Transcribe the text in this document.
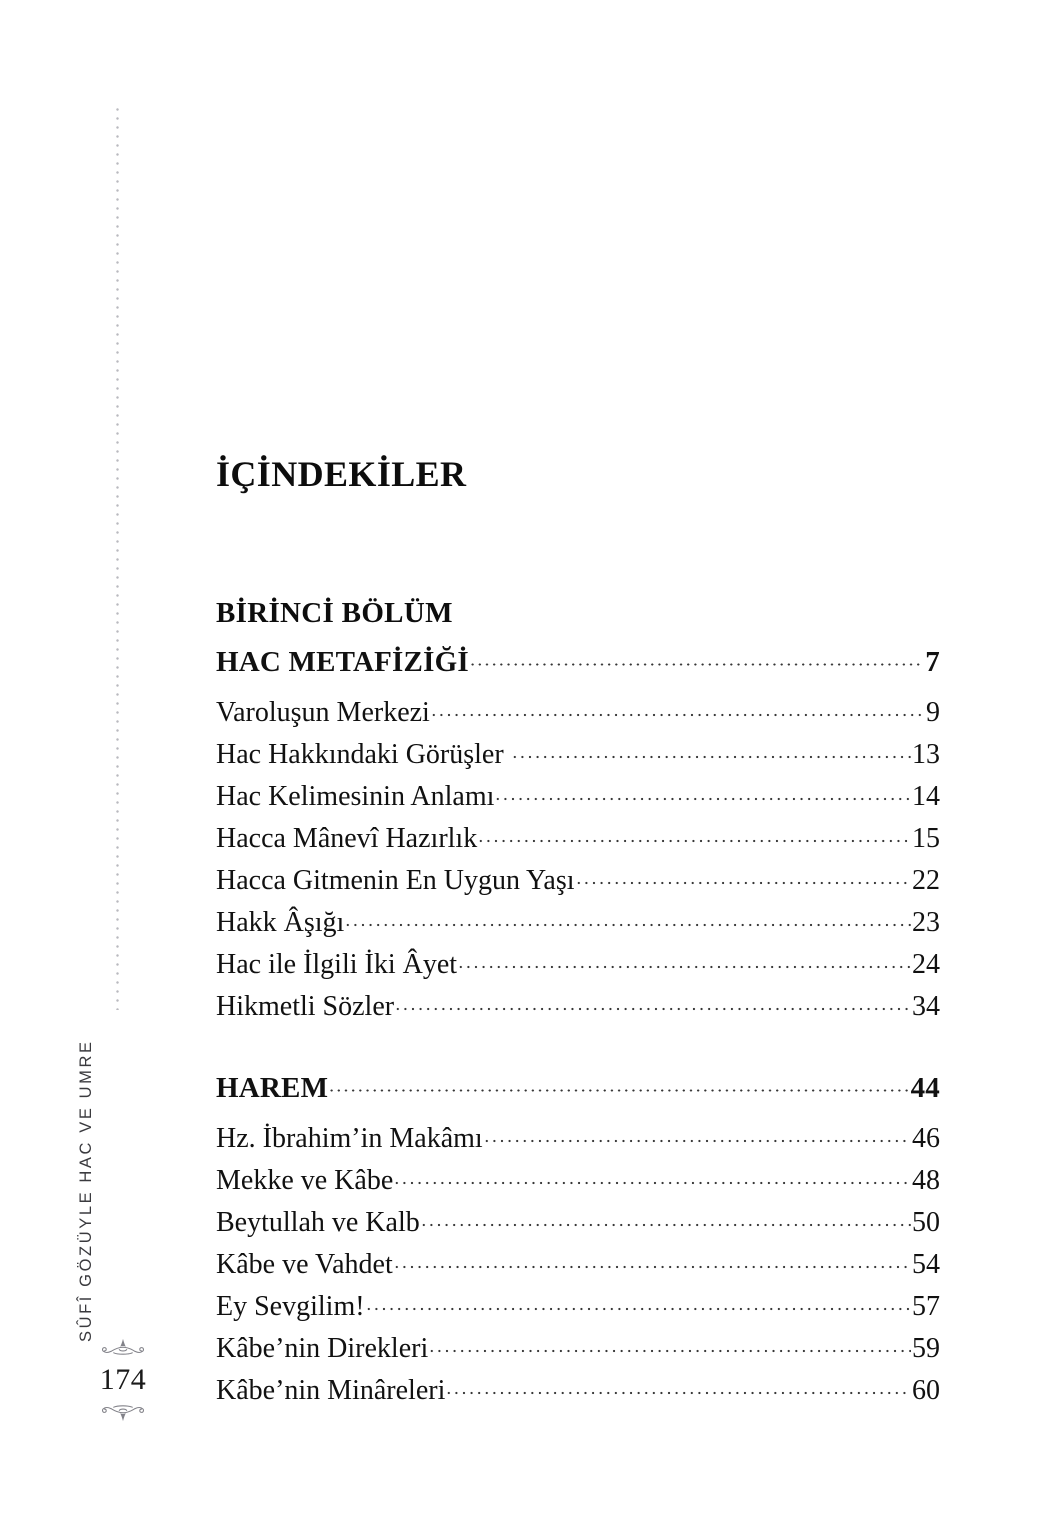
SÛFÎ GÖZÜYLE HAC VE UMRE
174
İÇİNDEKİLER
BİRİNCİ BÖLÜM
HAC METAFİZİĞİ	7
Varoluşun Merkezi	9
Hac Hakkındaki Görüşler	13
Hac Kelimesinin Anlamı	14
Hacca Mânevî Hazırlık	15
Hacca Gitmenin En Uygun Yaşı	22
Hakk Âşığı	23
Hac ile İlgili İki Âyet	24
Hikmetli Sözler	34
HAREM	44
Hz. İbrahimʼin Makâmı	46
Mekke ve Kâbe	48
Beytullah ve Kalb	50
Kâbe ve Vahdet	54
Ey Sevgilim!	57
Kâbeʼnin Direkleri	59
Kâbeʼnin Minâreleri	60
